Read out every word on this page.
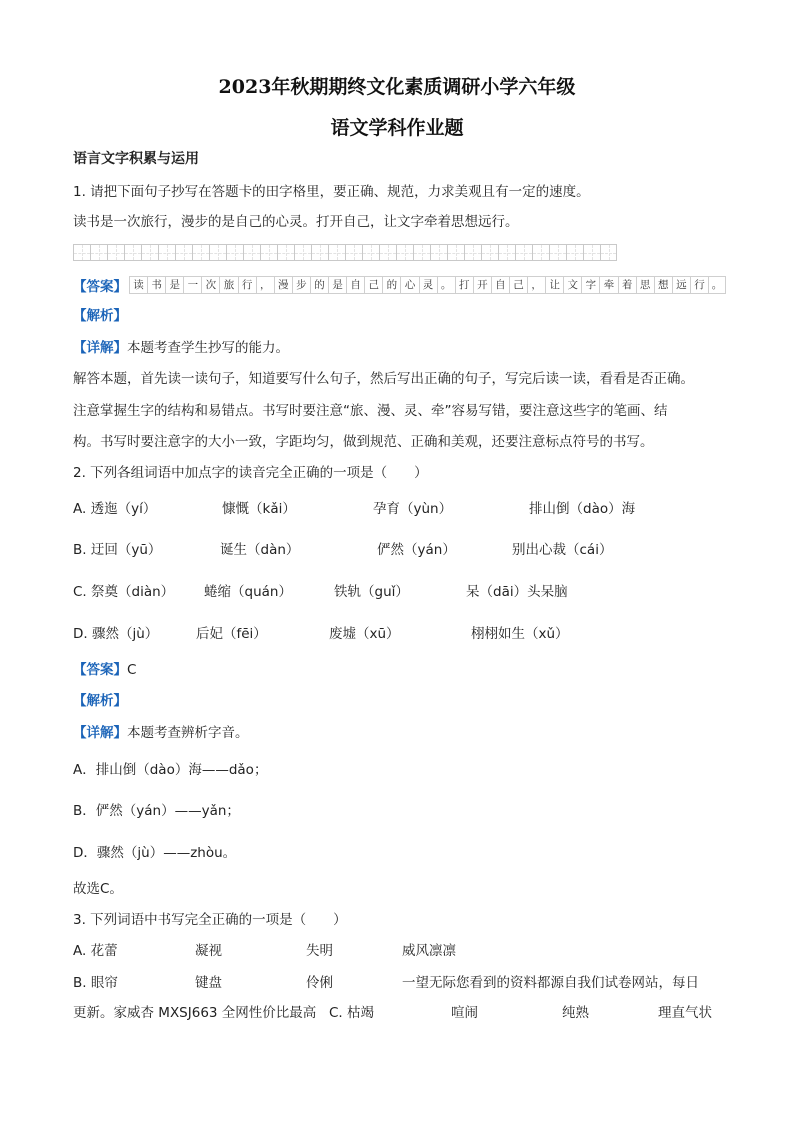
2023年秋期期终文化素质调研小学六年级
语文学科作业题
语言文字积累与运用
1. 请把下面句子抄写在答题卡的田字格里，要正确、规范，力求美观且有一定的速度。
读书是一次旅行，漫步的是自己的心灵。打开自己，让文字牵着思想远行。
【答案】 读 书 是 一 次 旅 行 ， 漫 步 的 是 自 己 的 心 灵 。 打 开 自 己 ， 让 文 字 牵 着 思 想 远 行 。
【解析】
【详解】本题考查学生抄写的能力。
解答本题，首先读一读句子，知道要写什么句子，然后写出正确的句子，写完后读一读，看看是否正确。
注意掌握生字的结构和易错点。书写时要注意“旅、漫、灵、牵”容易写错，要注意这些字的笔画、结
构。书写时要注意字的大小一致，字距均匀，做到规范、正确和美观，还要注意标点符号的书写。
2. 下列各组词语中加点字的读音完全正确的一项是（　　）
A. 透迤（yí）	慷慨（kǎi）	孕育（yùn）	排山倒（dào）海
B. 迂回（yū）	诞生（dàn）	俨然（yán）	别出心裁（cái）
C. 祭奠（diàn） 蜷缩（quán）	铁轨（guǐ）	呆（dāi）头呆脑
D. 骤然（jù）	后妃（fēi）	废墟（xū）	栩栩如生（xǔ）
【答案】C
【解析】
【详解】本题考查辨析字音。
A．排山倒（dào）海——dǎo；
B．俨然（yán）——yǎn；
D．骤然（jù）——zhòu。
故选C。
3. 下列词语中书写完全正确的一项是（　　）
A. 花蕾	凝视	失明	威风凛凛
B. 眼帘	键盘	伶俐	一望无际您看到的资料都源自我们试卷网站，每日
更新。家威杏 MXSJ663 全网性价比最高 C. 枯竭	喧闹	纯熟	理直气状
